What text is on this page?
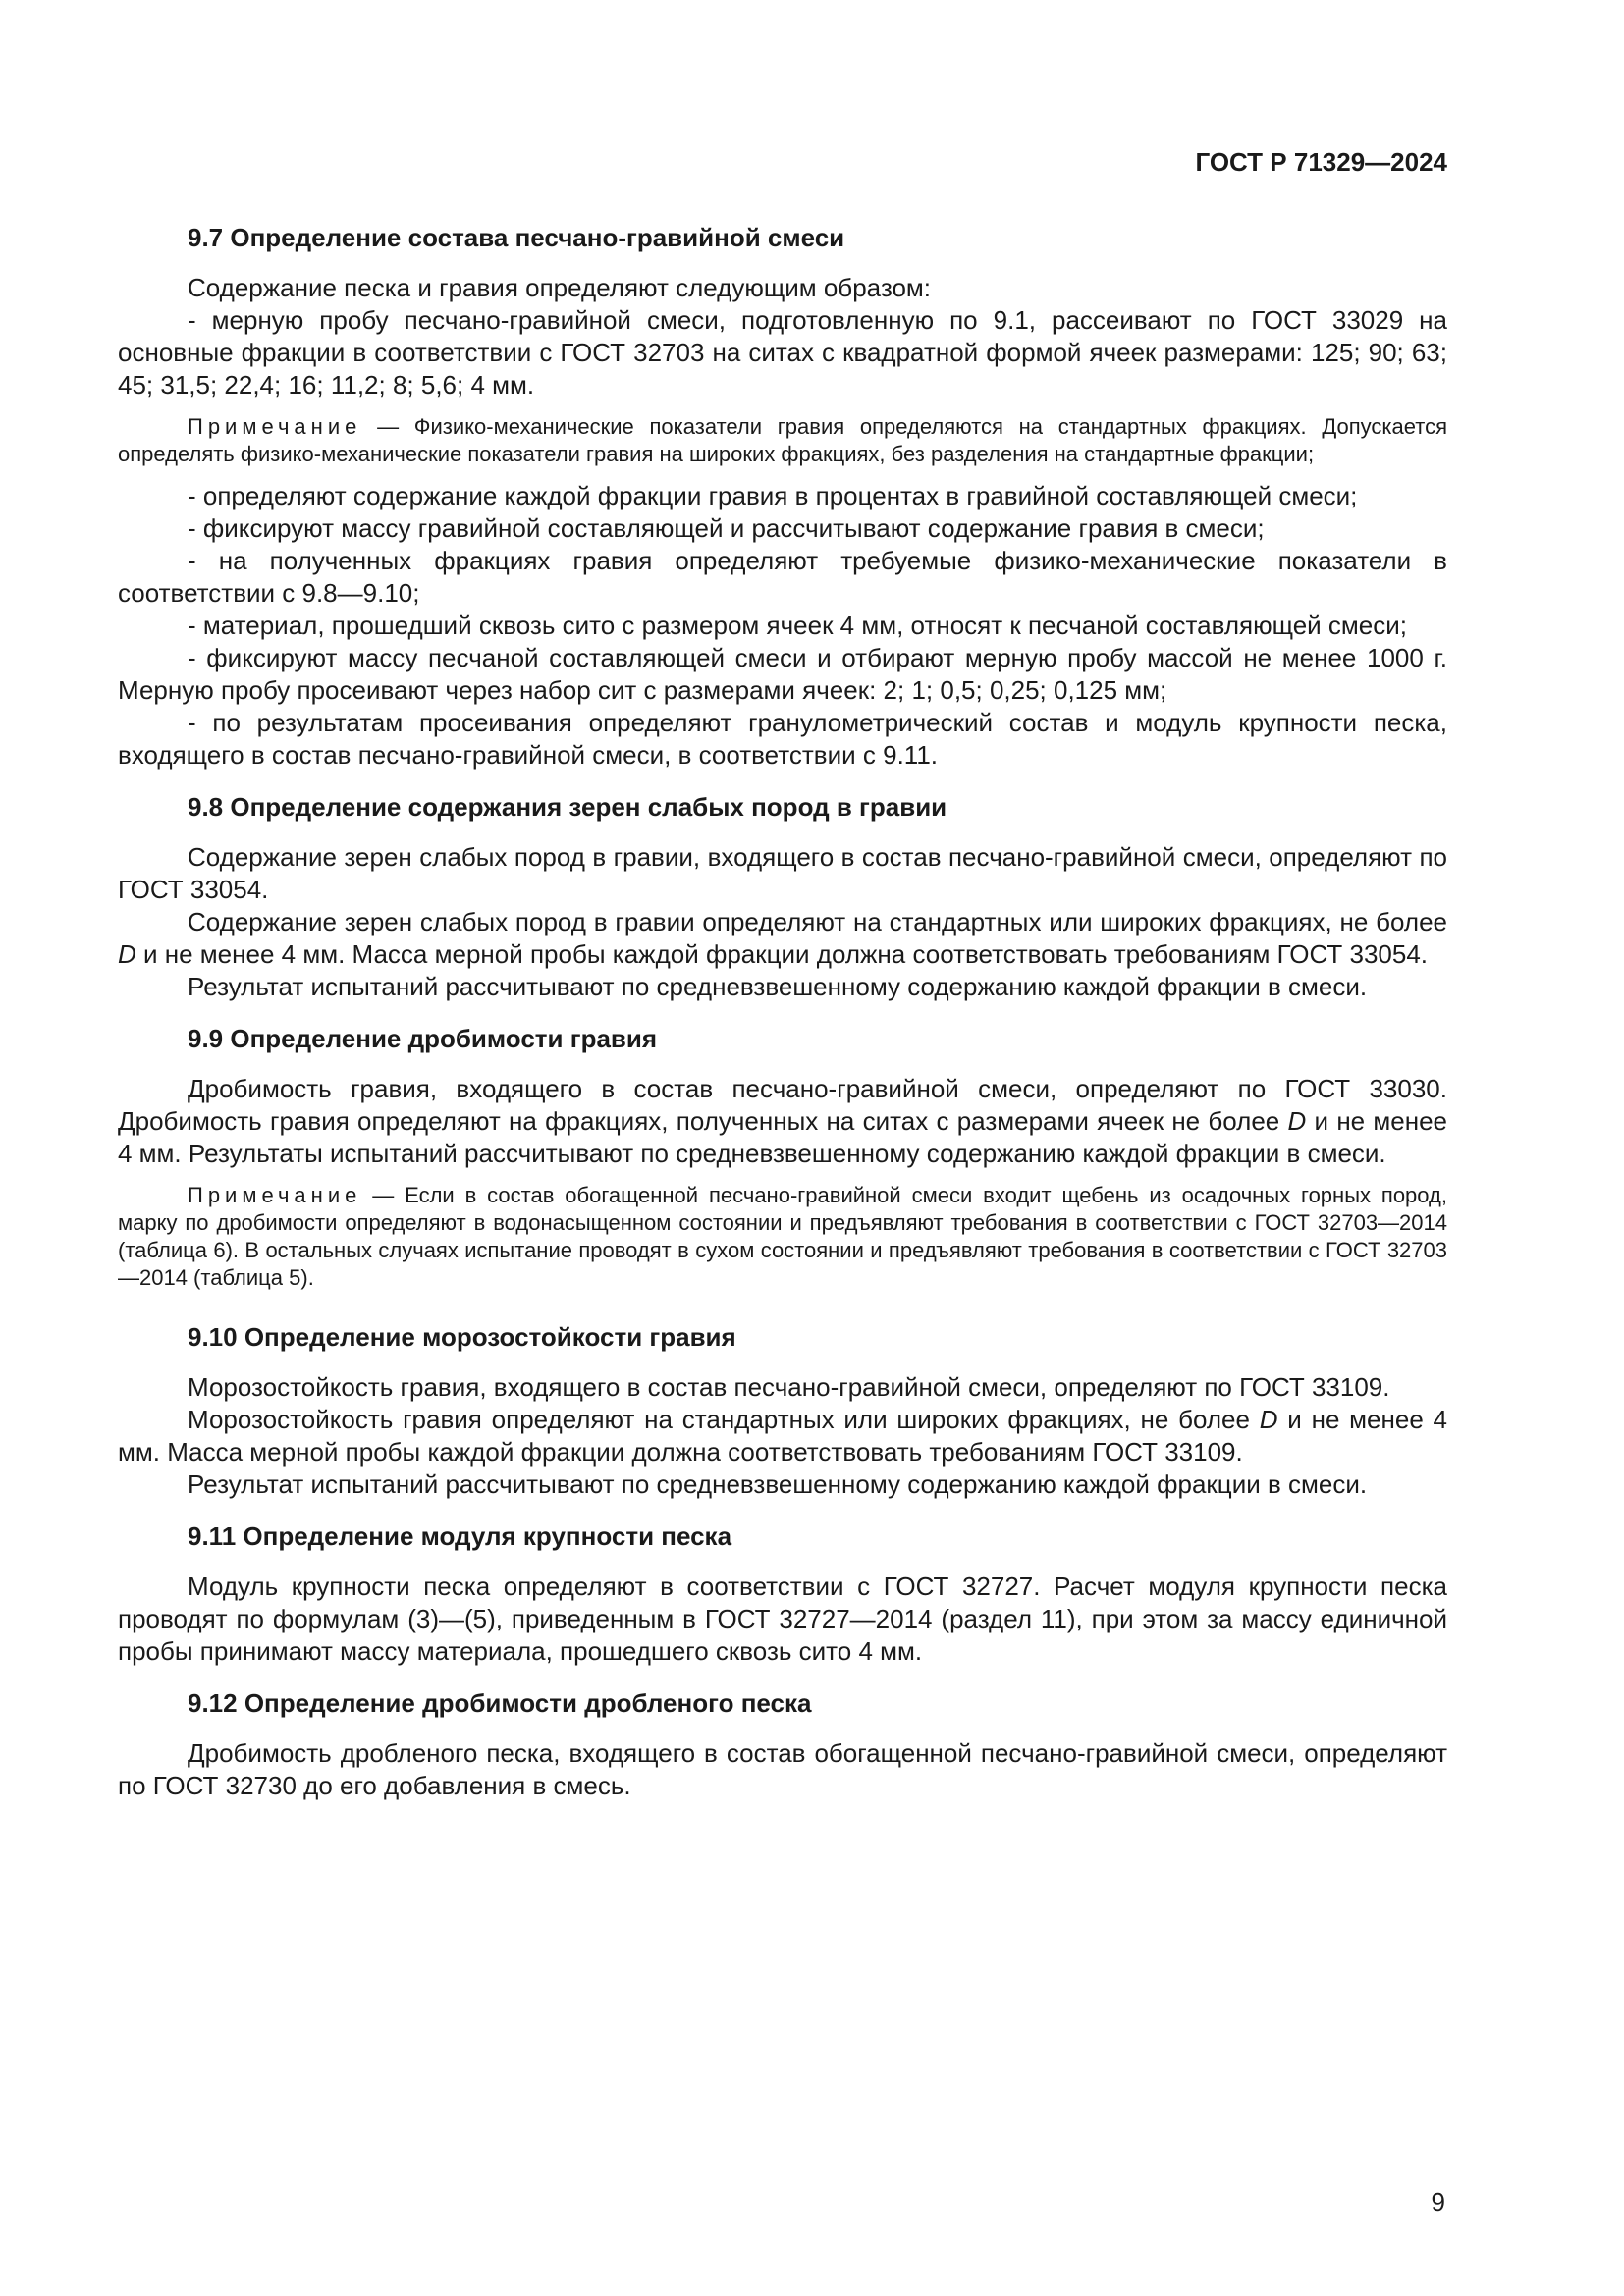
ГОСТ Р 71329—2024
9.7 Определение состава песчано-гравийной смеси

Содержание песка и гравия определяют следующим образом:

- мерную пробу песчано-гравийной смеси, подготовленную по 9.1, рассеивают по ГОСТ 33029 на основные фракции в соответствии с ГОСТ 32703 на ситах с квадратной формой ячеек размерами: 125; 90; 63; 45; 31,5; 22,4; 16; 11,2; 8; 5,6; 4 мм.

Примечание — Физико-механические показатели гравия определяются на стандартных фракциях. Допускается определять физико-механические показатели гравия на широких фракциях, без разделения на стандартные фракции;

- определяют содержание каждой фракции гравия в процентах в гравийной составляющей смеси;

- фиксируют массу гравийной составляющей и рассчитывают содержание гравия в смеси;

- на полученных фракциях гравия определяют требуемые физико-механические показатели в соответствии с 9.8—9.10;

- материал, прошедший сквозь сито с размером ячеек 4 мм, относят к песчаной составляющей смеси;

- фиксируют массу песчаной составляющей смеси и отбирают мерную пробу массой не менее 1000 г. Мерную пробу просеивают через набор сит с размерами ячеек: 2; 1; 0,5; 0,25; 0,125 мм;

- по результатам просеивания определяют гранулометрический состав и модуль крупности песка, входящего в состав песчано-гравийной смеси, в соответствии с 9.11.

9.8 Определение содержания зерен слабых пород в гравии

Содержание зерен слабых пород в гравии, входящего в состав песчано-гравийной смеси, определяют по ГОСТ 33054.

Содержание зерен слабых пород в гравии определяют на стандартных или широких фракциях, не более D и не менее 4 мм. Масса мерной пробы каждой фракции должна соответствовать требованиям ГОСТ 33054.

Результат испытаний рассчитывают по средневзвешенному содержанию каждой фракции в смеси.

9.9 Определение дробимости гравия

Дробимость гравия, входящего в состав песчано-гравийной смеси, определяют по ГОСТ 33030. Дробимость гравия определяют на фракциях, полученных на ситах с размерами ячеек не более D и не менее 4 мм. Результаты испытаний рассчитывают по средневзвешенному содержанию каждой фракции в смеси.

Примечание — Если в состав обогащенной песчано-гравийной смеси входит щебень из осадочных горных пород, марку по дробимости определяют в водонасыщенном состоянии и предъявляют требования в соответствии с ГОСТ 32703—2014 (таблица 6). В остальных случаях испытание проводят в сухом состоянии и предъявляют требования в соответствии с ГОСТ 32703—2014 (таблица 5).

9.10 Определение морозостойкости гравия

Морозостойкость гравия, входящего в состав песчано-гравийной смеси, определяют по ГОСТ 33109.

Морозостойкость гравия определяют на стандартных или широких фракциях, не более D и не менее 4 мм. Масса мерной пробы каждой фракции должна соответствовать требованиям ГОСТ 33109.

Результат испытаний рассчитывают по средневзвешенному содержанию каждой фракции в смеси.

9.11 Определение модуля крупности песка

Модуль крупности песка определяют в соответствии с ГОСТ 32727. Расчет модуля крупности песка проводят по формулам (3)—(5), приведенным в ГОСТ 32727—2014 (раздел 11), при этом за массу единичной пробы принимают массу материала, прошедшего сквозь сито 4 мм.

9.12 Определение дробимости дробленого песка

Дробимость дробленого песка, входящего в состав обогащенной песчано-гравийной смеси, определяют по ГОСТ 32730 до его добавления в смесь.

9
